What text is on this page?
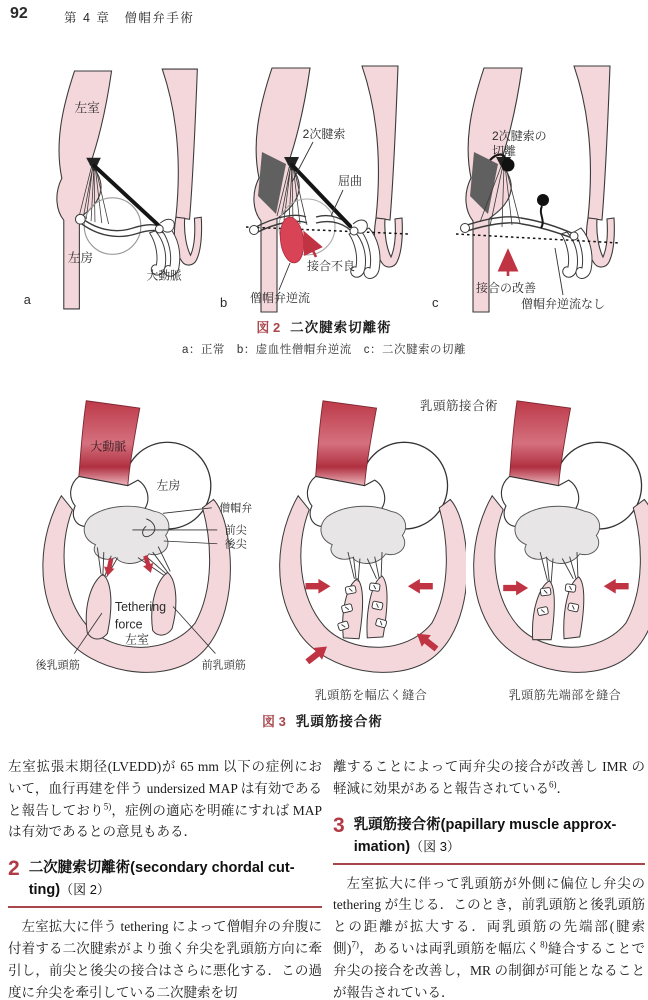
92	第 4 章　僧帽弁手術
左室
左房
大動脈
a
2次腱索
屈曲
接合不良
僧帽弁逆流
b
2次腱索の
切離
接合の改善
僧帽弁逆流なし
c
図 2 二次腱索切離術
a：正常　b：虚血性僧帽弁逆流　c：二次腱索の切離
乳頭筋接合術
大動脈
左房
僧帽弁
前尖
後尖
Tethering
force
左室
後乳頭筋	前乳頭筋
乳頭筋を幅広く縫合	乳頭筋先端部を縫合
図 3 乳頭筋接合術

左室拡張末期径(LVEDD)が 65 mm 以下の症例において，血行再建を伴う undersized MAP は有効であると報告しており$^{5)}$，症例の適応を明確にすれば MAP は有効であるとの意見もある．

2 二次腱索切離術(secondary chordal cut-
ting)（図 2）

左室拡大に伴う tethering によって僧帽弁の弁腹に付着する二次腱索がより強く弁尖を乳頭筋方向に牽引し，前尖と後尖の接合はさらに悪化する．この過度に弁尖を牽引している二次腱索を切

離することによって両弁尖の接合が改善し IMR の軽減に効果があると報告されている$^{6)}$．

3 乳頭筋接合術(papillary muscle approx-
imation)（図 3）

左室拡大に伴って乳頭筋が外側に偏位し弁尖の tethering が生じる．このとき，前乳頭筋と後乳頭筋との距離が拡大する．両乳頭筋の先端部(腱索側)$^{7)}$，あるいは両乳頭筋を幅広く$^{8)}$縫合することで弁尖の接合を改善し，MR の制御が可能となることが報告されている．
